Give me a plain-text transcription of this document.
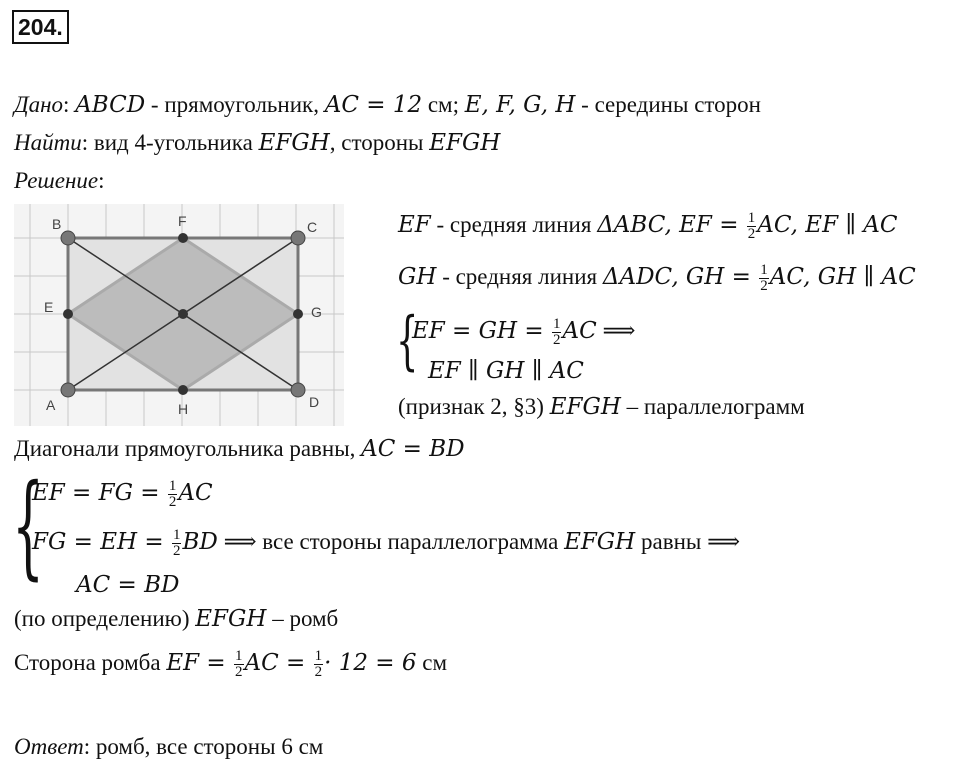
204.
Дано: ABCD - прямоугольник, AC = 12 см; E, F, G, H - середины сторон
Найти: вид 4-угольника EFGH, стороны EFGH
Решение:
B	C
F
E	G
A	D
H
EF - средняя линия ΔABC, EF = $\frac{1}{2}$ AC, EF ∥ AC
GH - средняя линия ΔADC, GH = $\frac{1}{2}$ AC, GH ∥ AC
{
EF = GH = $\frac{1}{2}$ AC ⟹
EF ∥ GH ∥ AC
(признак 2, §3) EFGH – параллелограмм
Диагонали прямоугольника равны, AC = BD
{
EF = FG = $\frac{1}{2}$ AC
FG = EH = $\frac{1}{2}$ BD ⟹ все стороны параллелограмма EFGH равны ⟹
AC = BD
(по определению) EFGH – ромб
Сторона ромба EF = $\frac{1}{2}$ AC = $\frac{1}{2} \cdot 12 = 6$ см
Ответ: ромб, все стороны 6 см
